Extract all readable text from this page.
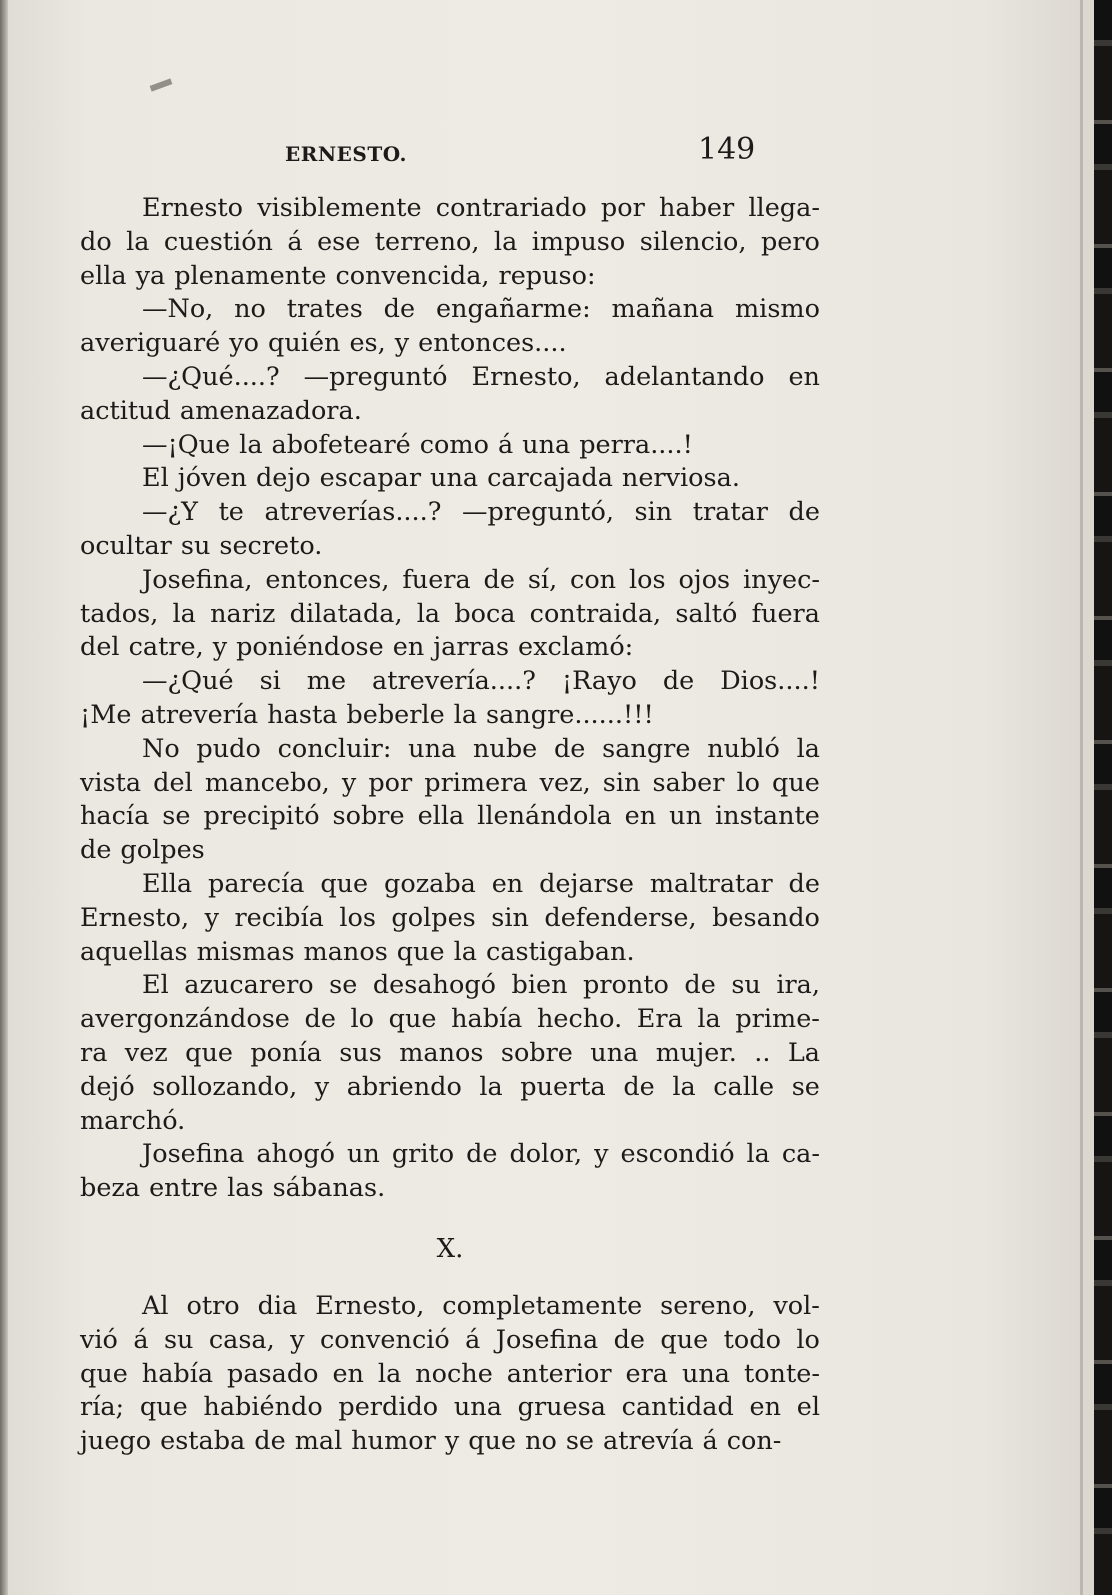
ERNESTO.	149
Ernesto visiblemente contrariado por haber llega-
do la cuestión á ese terreno, la impuso silencio, pero
ella ya plenamente convencida, repuso:
—No, no trates de engañarme: mañana mismo
averiguaré yo quién es, y entonces....
—¿Qué....? —preguntó Ernesto, adelantando en
actitud amenazadora.
—¡Que la abofetearé como á una perra....!
El jóven dejo escapar una carcajada nerviosa.
—¿Y te atreverías....? —preguntó, sin tratar de
ocultar su secreto.
Josefina, entonces, fuera de sí, con los ojos inyec-
tados, la nariz dilatada, la boca contraida, saltó fuera
del catre, y poniéndose en jarras exclamó:
—¿Qué si me atrevería....? ¡Rayo de Dios....!
¡Me atrevería hasta beberle la sangre......!!!
No pudo concluir: una nube de sangre nubló la
vista del mancebo, y por primera vez, sin saber lo que
hacía se precipitó sobre ella llenándola en un instante
de golpes
Ella parecía que gozaba en dejarse maltratar de
Ernesto, y recibía los golpes sin defenderse, besando
aquellas mismas manos que la castigaban.
El azucarero se desahogó bien pronto de su ira,
avergonzándose de lo que había hecho. Era la prime-
ra vez que ponía sus manos sobre una mujer. .. La
dejó sollozando, y abriendo la puerta de la calle se
marchó.
Josefina ahogó un grito de dolor, y escondió la ca-
beza entre las sábanas.
X.
Al otro dia Ernesto, completamente sereno, vol-
vió á su casa, y convenció á Josefina de que todo lo
que había pasado en la noche anterior era una tonte-
ría; que habiéndo perdido una gruesa cantidad en el
juego estaba de mal humor y que no se atrevía á con-
